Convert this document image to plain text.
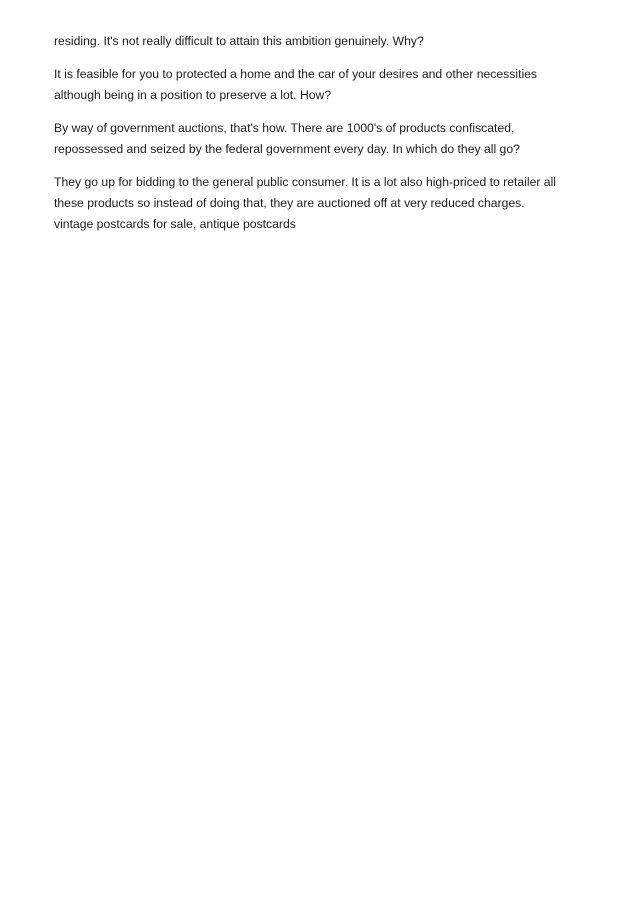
residing. It's not really difficult to attain this ambition genuinely. Why?

It is feasible for you to protected a home and the car of your desires and other necessities
although being in a position to preserve a lot. How?

By way of government auctions, that's how. There are 1000's of products confiscated,
repossessed and seized by the federal government every day. In which do they all go?

They go up for bidding to the general public consumer. It is a lot also high-priced to retailer all
these products so instead of doing that, they are auctioned off at very reduced charges.
vintage postcards for sale, antique postcards
